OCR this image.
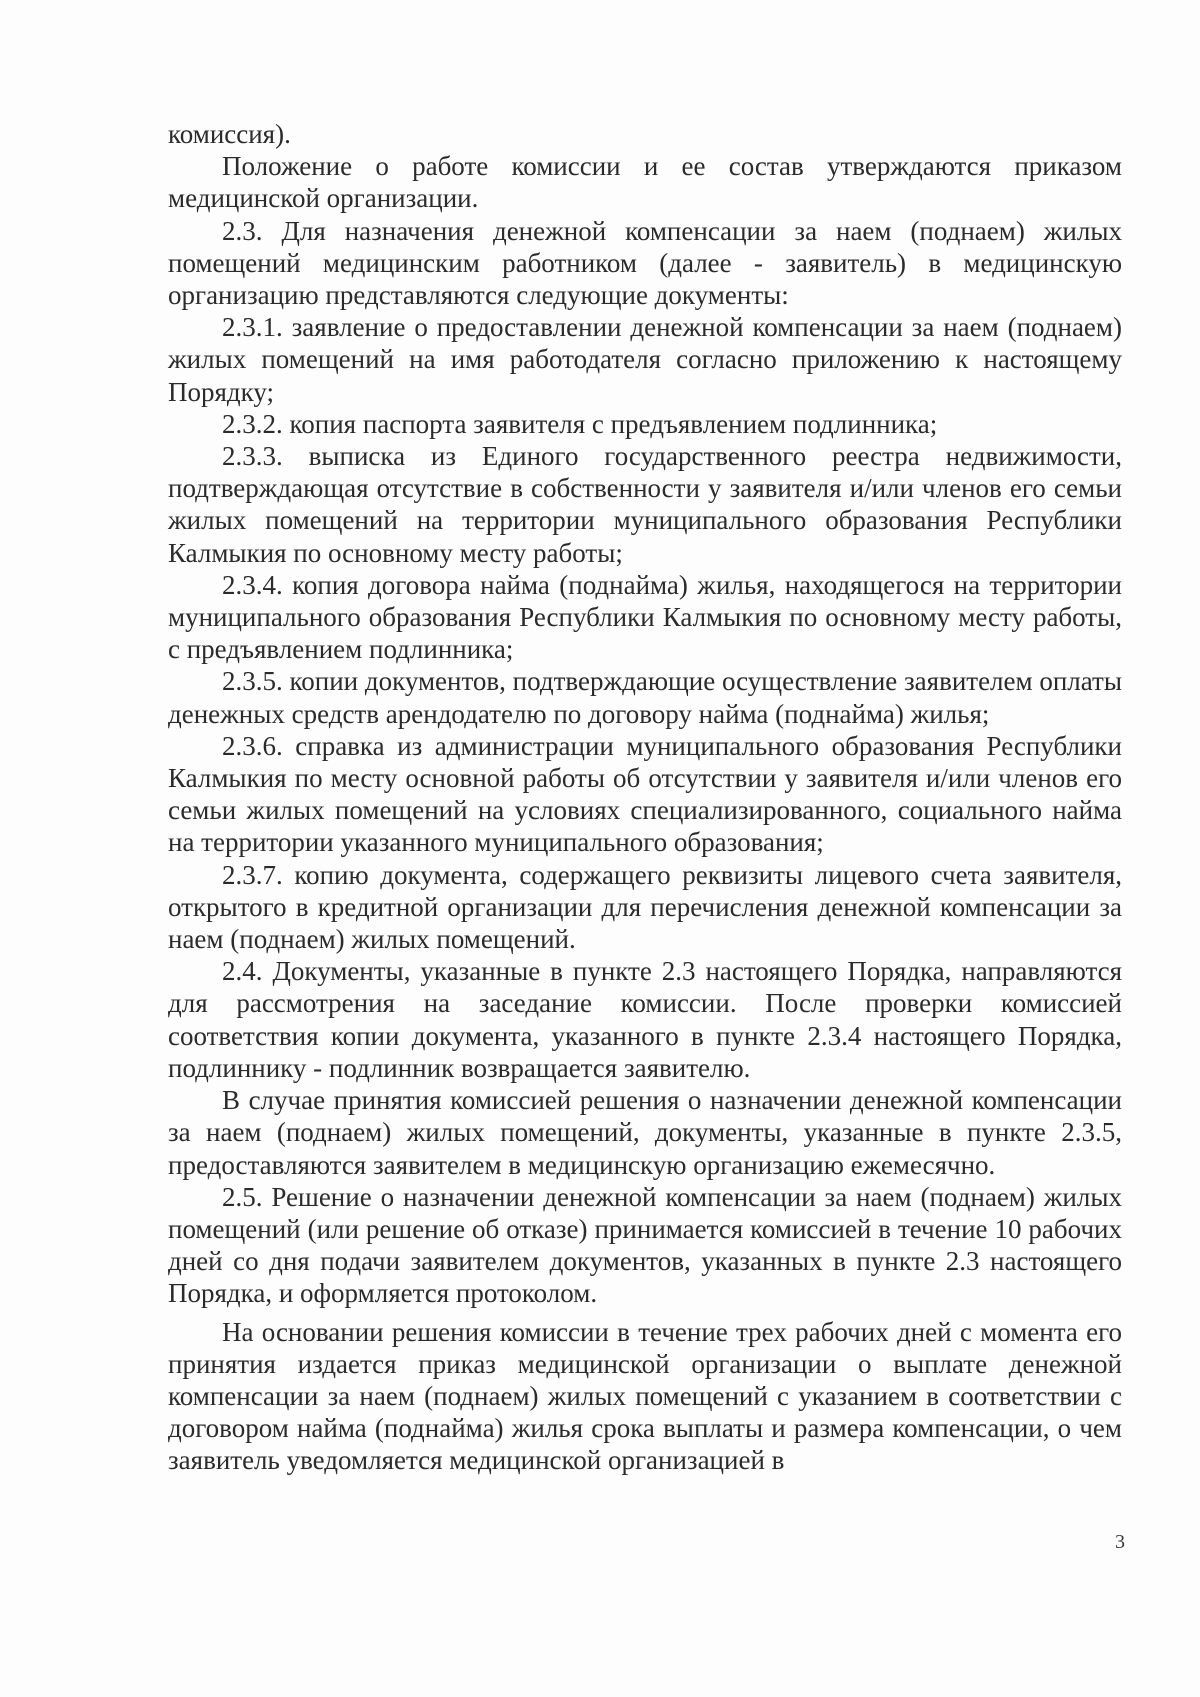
комиссия).

Положение о работе комиссии и ее состав утверждаются приказом медицинской организации.

2.3. Для назначения денежной компенсации за наем (поднаем) жилых помещений медицинским работником (далее - заявитель) в медицинскую организацию представляются следующие документы:

2.3.1. заявление о предоставлении денежной компенсации за наем (поднаем) жилых помещений на имя работодателя согласно приложению к настоящему Порядку;

2.3.2. копия паспорта заявителя с предъявлением подлинника;

2.3.3. выписка из Единого государственного реестра недвижимости, подтверждающая отсутствие в собственности у заявителя и/или членов его семьи жилых помещений на территории муниципального образования Республики Калмыкия по основному месту работы;

2.3.4. копия договора найма (поднайма) жилья, находящегося на территории муниципального образования Республики Калмыкия по основному месту работы, с предъявлением подлинника;

2.3.5. копии документов, подтверждающие осуществление заявителем оплаты денежных средств арендодателю по договору найма (поднайма) жилья;

2.3.6. справка из администрации муниципального образования Республики Калмыкия по месту основной работы об отсутствии у заявителя и/или членов его семьи жилых помещений на условиях специализированного, социального найма на территории указанного муниципального образования;

2.3.7. копию документа, содержащего реквизиты лицевого счета заявителя, открытого в кредитной организации для перечисления денежной компенсации за наем (поднаем) жилых помещений.

2.4. Документы, указанные в пункте 2.3 настоящего Порядка, направляются для рассмотрения на заседание комиссии. После проверки комиссией соответствия копии документа, указанного в пункте 2.3.4 настоящего Порядка, подлиннику - подлинник возвращается заявителю.

В случае принятия комиссией решения о назначении денежной компенсации за наем (поднаем) жилых помещений, документы, указанные в пункте 2.3.5, предоставляются заявителем в медицинскую организацию ежемесячно.

2.5. Решение о назначении денежной компенсации за наем (поднаем) жилых помещений (или решение об отказе) принимается комиссией в течение 10 рабочих дней со дня подачи заявителем документов, указанных в пункте 2.3 настоящего Порядка, и оформляется протоколом.

На основании решения комиссии в течение трех рабочих дней с момента его принятия издается приказ медицинской организации о выплате денежной компенсации за наем (поднаем) жилых помещений с указанием в соответствии с договором найма (поднайма) жилья срока выплаты и размера компенсации, о чем заявитель уведомляется медицинской организацией в

3
